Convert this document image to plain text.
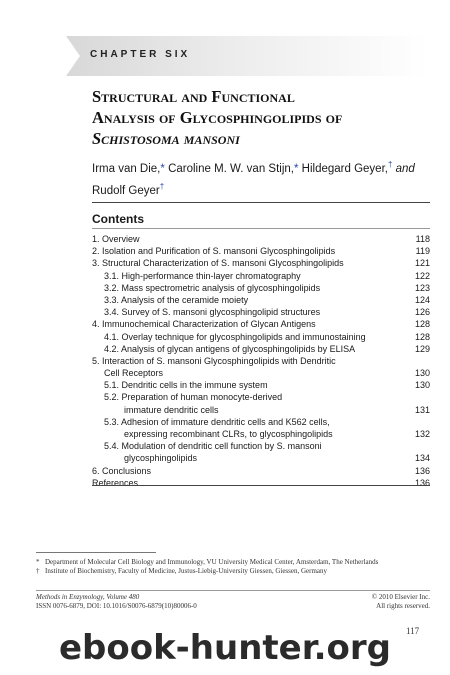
CHAPTER SIX
Structural and Functional
Analysis of Glycosphingolipids of
Schistosoma mansoni
Irma van Die,* Caroline M. W. van Stijn,* Hildegard Geyer,† and
Rudolf Geyer†
Contents
1. Overview	118
2. Isolation and Purification of S. mansoni Glycosphingolipids	119
3. Structural Characterization of S. mansoni Glycosphingolipids	121
3.1. High-performance thin-layer chromatography	122
3.2. Mass spectrometric analysis of glycosphingolipids	123
3.3. Analysis of the ceramide moiety	124
3.4. Survey of S. mansoni glycosphingolipid structures	126
4. Immunochemical Characterization of Glycan Antigens	128
4.1. Overlay technique for glycosphingolipids and immunostaining	128
4.2. Analysis of glycan antigens of glycosphingolipids by ELISA	129
5. Interaction of S. mansoni Glycosphingolipids with Dendritic
Cell Receptors	130
5.1. Dendritic cells in the immune system	130
5.2. Preparation of human monocyte-derived
immature dendritic cells	131
5.3. Adhesion of immature dendritic cells and K562 cells,
expressing recombinant CLRs, to glycosphingolipids	132
5.4. Modulation of dendritic cell function by S. mansoni
glycosphingolipids	134
6. Conclusions	136
References	136
* Department of Molecular Cell Biology and Immunology, VU University Medical Center, Amsterdam, The Netherlands
† Institute of Biochemistry, Faculty of Medicine, Justus-Liebig-University Giessen, Giessen, Germany
Methods in Enzymology, Volume 480	© 2010 Elsevier Inc.
ISSN 0076-6879, DOI: 10.1016/S0076-6879(10)80006-0	All rights reserved.
117
ebook-hunter.org
